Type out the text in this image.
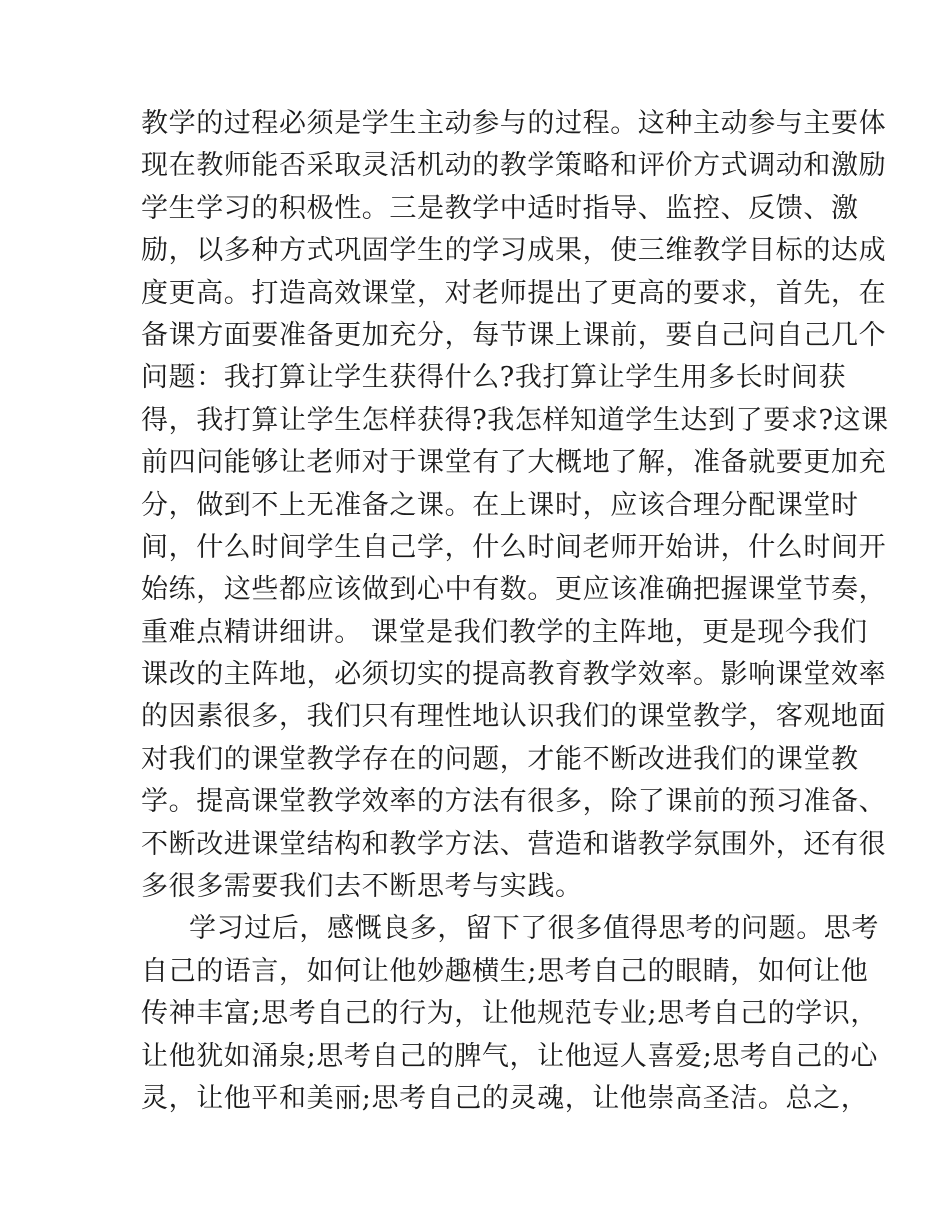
教学的过程必须是学生主动参与的过程。这种主动参与主要体
现在教师能否采取灵活机动的教学策略和评价方式调动和激励
学生学习的积极性。三是教学中适时指导、监控、反馈、激
励，以多种方式巩固学生的学习成果，使三维教学目标的达成
度更高。打造高效课堂，对老师提出了更高的要求，首先，在
备课方面要准备更加充分，每节课上课前，要自己问自己几个
问题：我打算让学生获得什么?我打算让学生用多长时间获
得，我打算让学生怎样获得?我怎样知道学生达到了要求?这课
前四问能够让老师对于课堂有了大概地了解，准备就要更加充
分，做到不上无准备之课。在上课时，应该合理分配课堂时
间，什么时间学生自己学，什么时间老师开始讲，什么时间开
始练，这些都应该做到心中有数。更应该准确把握课堂节奏，
重难点精讲细讲。 课堂是我们教学的主阵地，更是现今我们
课改的主阵地，必须切实的提高教育教学效率。影响课堂效率
的因素很多，我们只有理性地认识我们的课堂教学，客观地面
对我们的课堂教学存在的问题，才能不断改进我们的课堂教
学。提高课堂教学效率的方法有很多，除了课前的预习准备、
不断改进课堂结构和教学方法、营造和谐教学氛围外，还有很
多很多需要我们去不断思考与实践。
学习过后，感慨良多，留下了很多值得思考的问题。思考
自己的语言，如何让他妙趣横生;思考自己的眼睛，如何让他
传神丰富;思考自己的行为，让他规范专业;思考自己的学识，
让他犹如涌泉;思考自己的脾气，让他逗人喜爱;思考自己的心
灵，让他平和美丽;思考自己的灵魂，让他崇高圣洁。总之，
